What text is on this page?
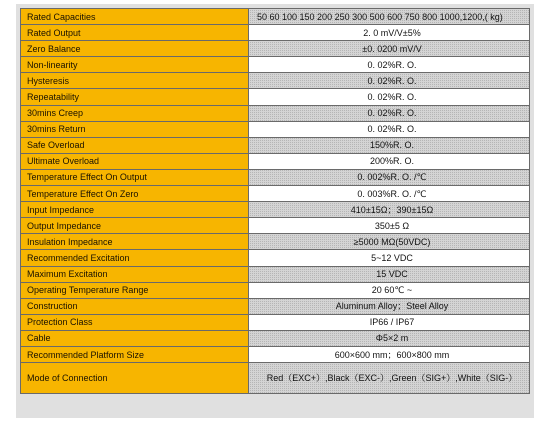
Rated Capacities	50 60 100 150 200 250 300 500 600 750 800 1000,1200,( kg)
Rated Output	2. 0 mV/V±5%
Zero Balance	±0. 0200 mV/V
Non-linearity	0. 02%R. O.
Hysteresis	0. 02%R. O.
Repeatability	0. 02%R. O.
30mins Creep	0. 02%R. O.
30mins Return	0. 02%R. O.
Safe Overload	150%R. O.
Ultimate Overload	200%R. O.
Temperature Effect On Output	0. 002%R. O. /℃
Temperature Effect On Zero	0. 003%R. O. /℃
Input Impedance	410±15Ω；390±15Ω
Output Impedance	350±5 Ω
Insulation Impedance	≥5000 MΩ(50VDC)
Recommended Excitation	5~12 VDC
Maximum Excitation	15 VDC
Operating Temperature Range	20 60℃ ~
Construction	Aluminum Alloy；Steel Alloy
Protection Class	IP66 / IP67
Cable	Φ5×2 m
Recommended Platform Size	600×600 mm；600×800 mm
Mode of Connection	Red（EXC+）,Black（EXC-）,Green（SIG+）,White（SIG-）
